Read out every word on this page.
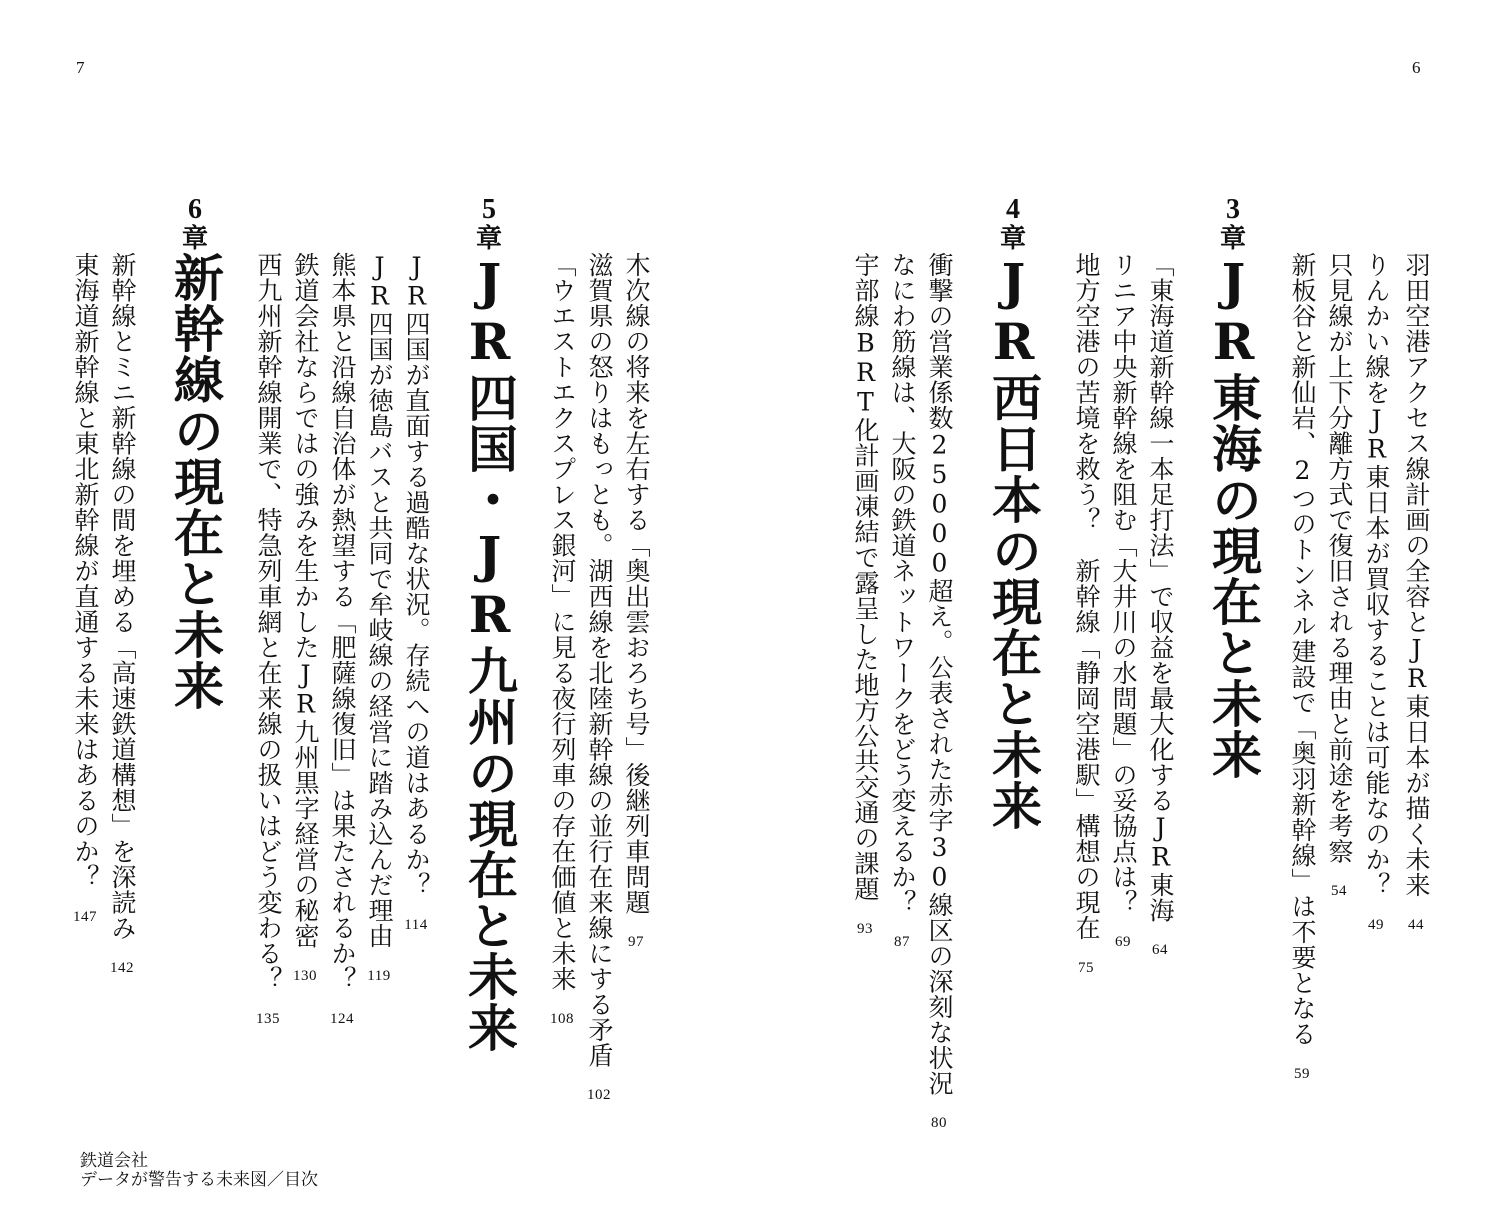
7	6
羽田空港アクセス線計画の全容とJR東日本が描く未来44
りんかい線をJR東日本が買収することは可能なのか？49
只見線が上下分離方式で復旧される理由と前途を考察54
新板谷と新仙岩、2つのトンネル建設で「奥羽新幹線」は不要となる59
3
章
JR東海の現在と未来
「東海道新幹線一本足打法」で収益を最大化するJR東海64
リニア中央新幹線を阻む「大井川の水問題」の妥協点は？69
地方空港の苦境を救う？　新幹線「静岡空港駅」構想の現在75
4
章
JR西日本の現在と未来
衝撃の営業係数25000超え。公表された赤字30線区の深刻な状況80
なにわ筋線は、大阪の鉄道ネットワークをどう変えるか？87
宇部線BRT化計画凍結で露呈した地方公共交通の課題93
木次線の将来を左右する「奥出雲おろち号」後継列車問題97
滋賀県の怒りはもっとも。湖西線を北陸新幹線の並行在来線にする矛盾102
「ウエストエクスプレス銀河」に見る夜行列車の存在価値と未来108
5
章
JR四国・JR九州の現在と未来
JR四国が直面する過酷な状況。存続への道はあるか？114
JR四国が徳島バスと共同で牟岐線の経営に踏み込んだ理由119
熊本県と沿線自治体が熱望する「肥薩線復旧」は果たされるか？124
鉄道会社ならではの強みを生かしたJR九州黒字経営の秘密130
西九州新幹線開業で、特急列車網と在来線の扱いはどう変わる？135
6
章
新幹線の現在と未来
新幹線とミニ新幹線の間を埋める「高速鉄道構想」を深読み142
東海道新幹線と東北新幹線が直通する未来はあるのか？147
鉄道会社
データが警告する未来図／目次
